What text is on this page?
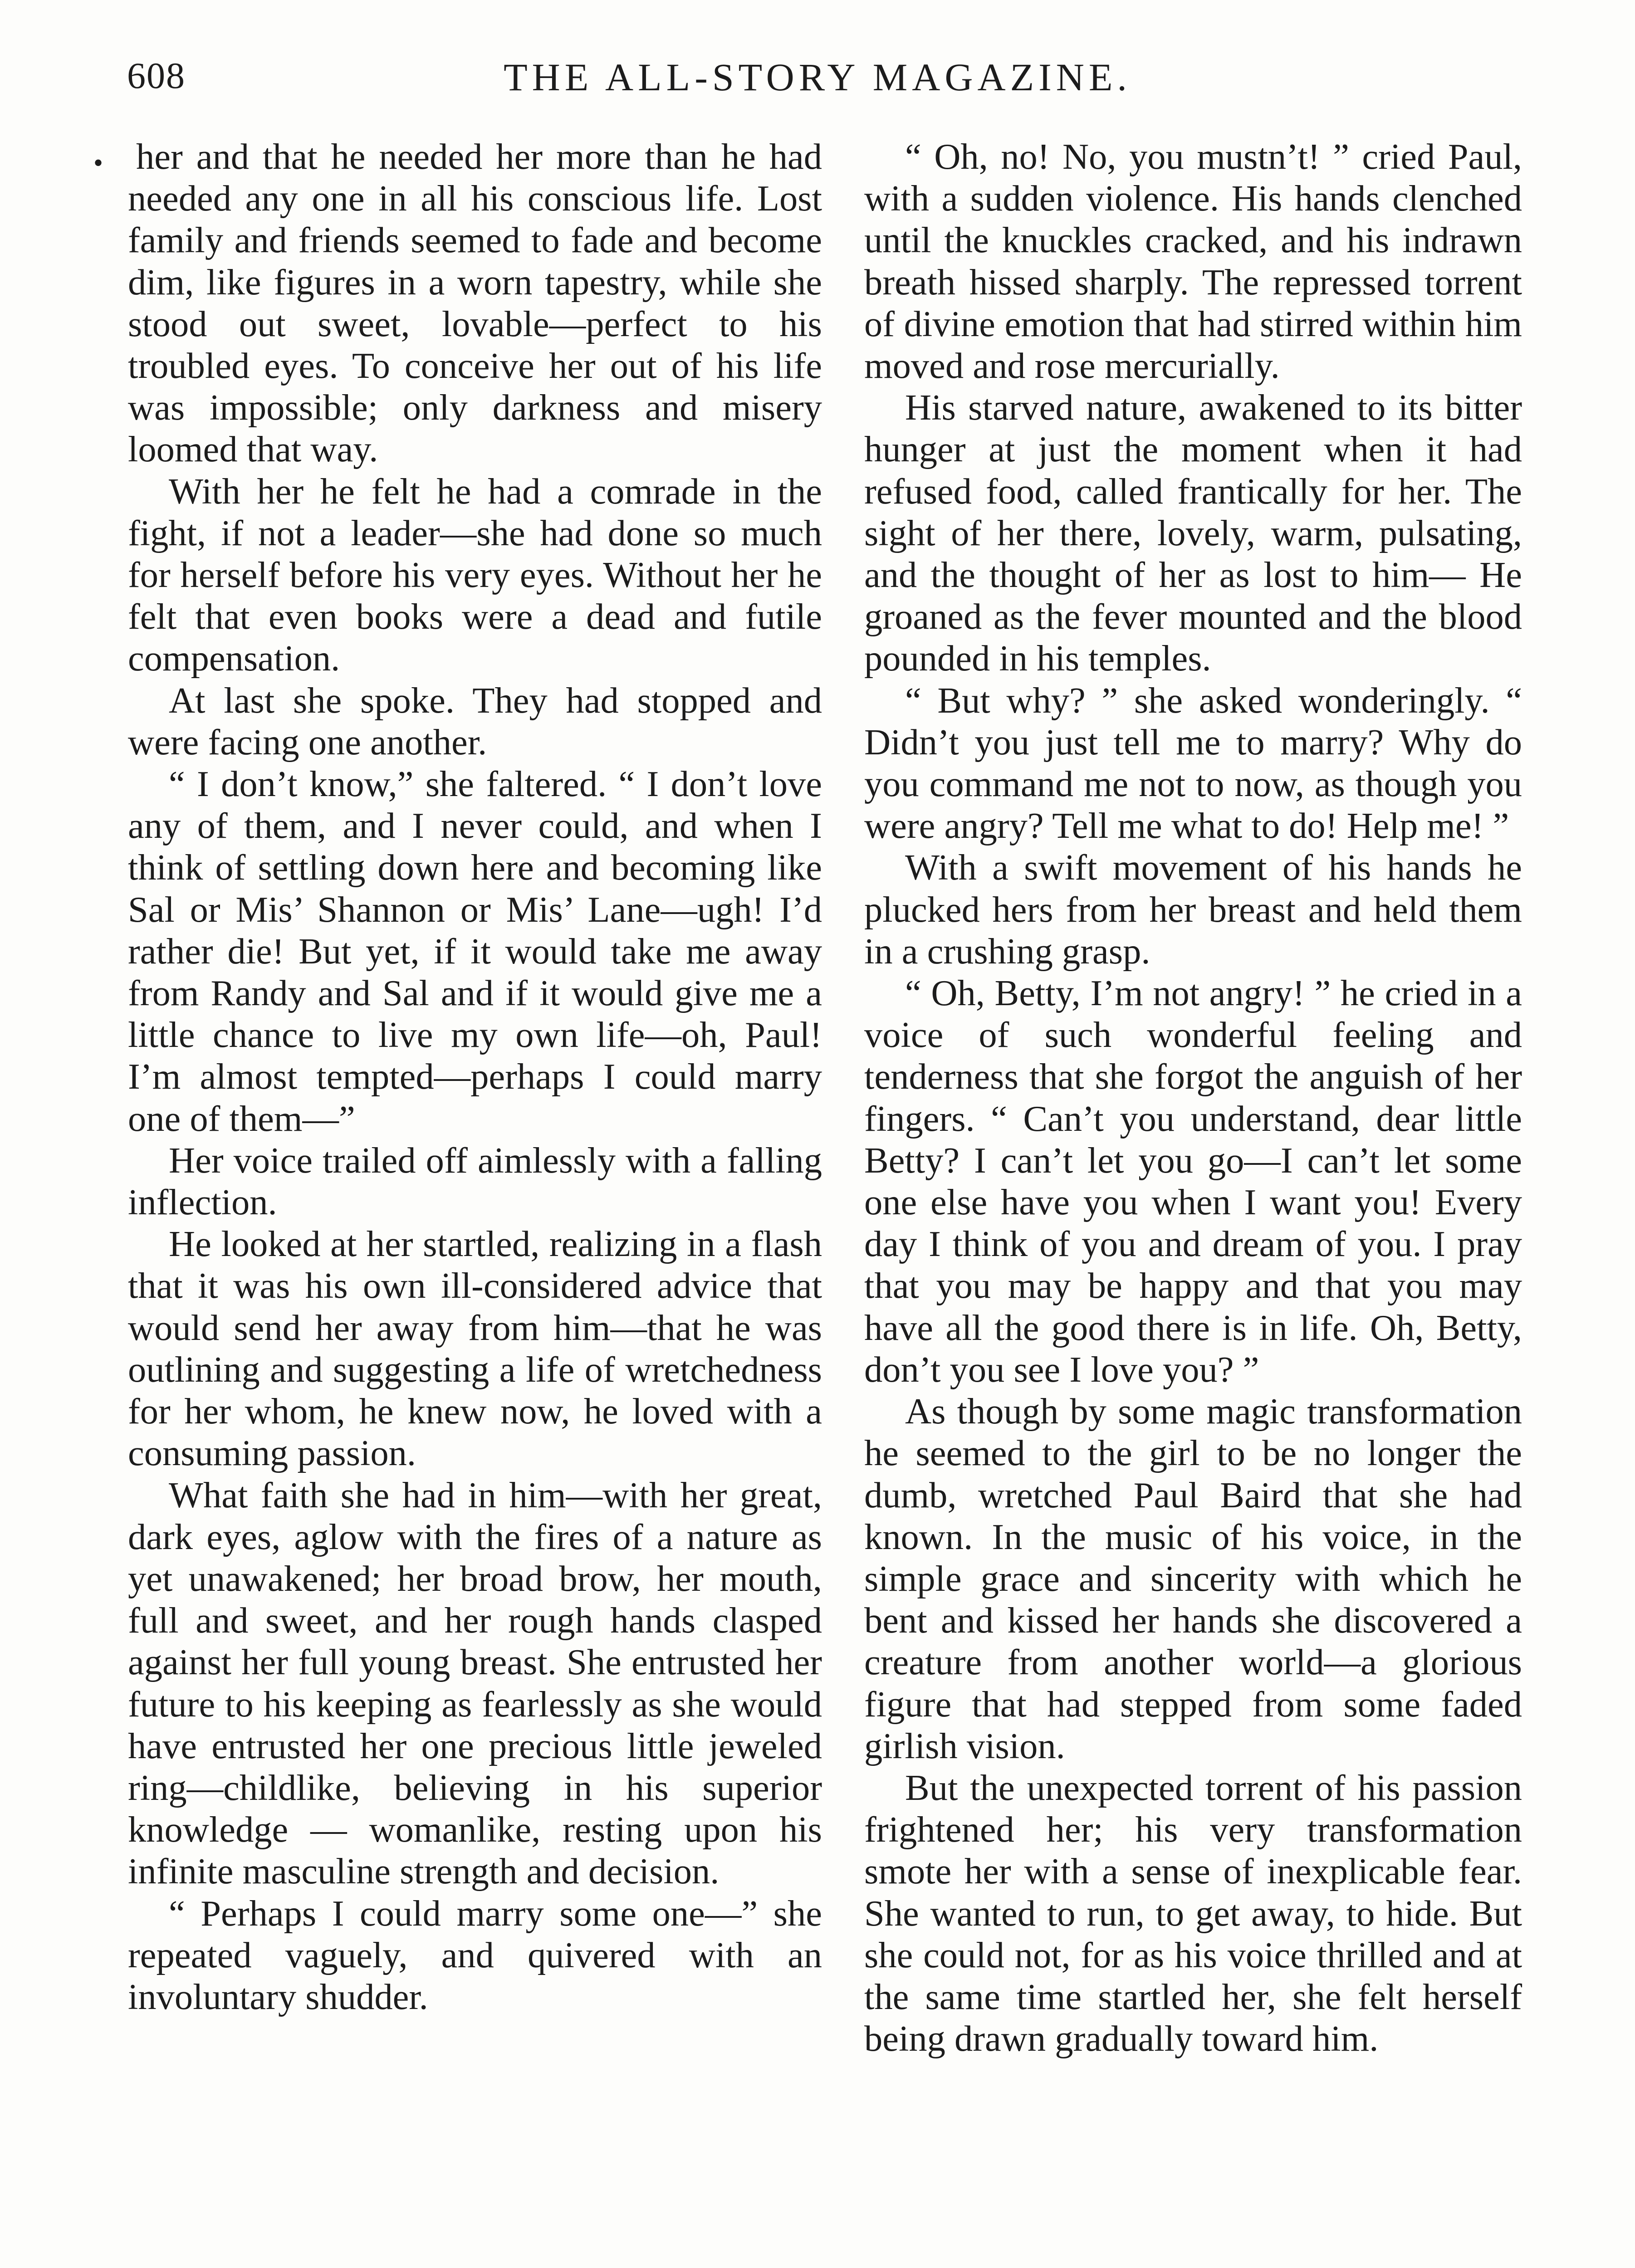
608	THE ALL-STORY MAGAZINE.
• her and that he needed her more than he had needed any one in all his conscious life. Lost family and friends seemed to fade and become dim, like figures in a worn tapestry, while she stood out sweet, lovable—perfect to his troubled eyes. To conceive her out of his life was impossible; only darkness and misery loomed that way.

With her he felt he had a comrade in the fight, if not a leader—she had done so much for herself before his very eyes. Without her he felt that even books were a dead and futile compensation.

At last she spoke. They had stopped and were facing one another.

“ I don’t know,” she faltered. “ I don’t love any of them, and I never could, and when I think of settling down here and becoming like Sal or Mis’ Shannon or Mis’ Lane—ugh! I’d rather die! But yet, if it would take me away from Randy and Sal and if it would give me a little chance to live my own life—oh, Paul! I’m almost tempted—perhaps I could marry one of them—”

Her voice trailed off aimlessly with a falling inflection.

He looked at her startled, realizing in a flash that it was his own ill-considered advice that would send her away from him—that he was outlining and suggesting a life of wretchedness for her whom, he knew now, he loved with a consuming passion.

What faith she had in him—with her great, dark eyes, aglow with the fires of a nature as yet unawakened; her broad brow, her mouth, full and sweet, and her rough hands clasped against her full young breast. She entrusted her future to his keeping as fearlessly as she would have entrusted her one precious little jeweled ring—childlike, believing in his superior knowledge — womanlike, resting upon his infinite masculine strength and decision.

“ Perhaps I could marry some one—” she repeated vaguely, and quivered with an involuntary shudder.

“ Oh, no! No, you mustn’t! ” cried Paul, with a sudden violence. His hands clenched until the knuckles cracked, and his indrawn breath hissed sharply. The repressed torrent of divine emotion that had stirred within him moved and rose mercurially.

His starved nature, awakened to its bitter hunger at just the moment when it had refused food, called frantically for her. The sight of her there, lovely, warm, pulsating, and the thought of her as lost to him— He groaned as the fever mounted and the blood pounded in his temples.

“ But why? ” she asked wonderingly. “ Didn’t you just tell me to marry? Why do you command me not to now, as though you were angry? Tell me what to do! Help me! ”

With a swift movement of his hands he plucked hers from her breast and held them in a crushing grasp.

“ Oh, Betty, I’m not angry! ” he cried in a voice of such wonderful feeling and tenderness that she forgot the anguish of her fingers. “ Can’t you understand, dear little Betty? I can’t let you go—I can’t let some one else have you when I want you! Every day I think of you and dream of you. I pray that you may be happy and that you may have all the good there is in life. Oh, Betty, don’t you see I love you? ”

As though by some magic transformation he seemed to the girl to be no longer the dumb, wretched Paul Baird that she had known. In the music of his voice, in the simple grace and sincerity with which he bent and kissed her hands she discovered a creature from another world—a glorious figure that had stepped from some faded girlish vision.

But the unexpected torrent of his passion frightened her; his very transformation smote her with a sense of inexplicable fear. She wanted to run, to get away, to hide. But she could not, for as his voice thrilled and at the same time startled her, she felt herself being drawn gradually toward him.
